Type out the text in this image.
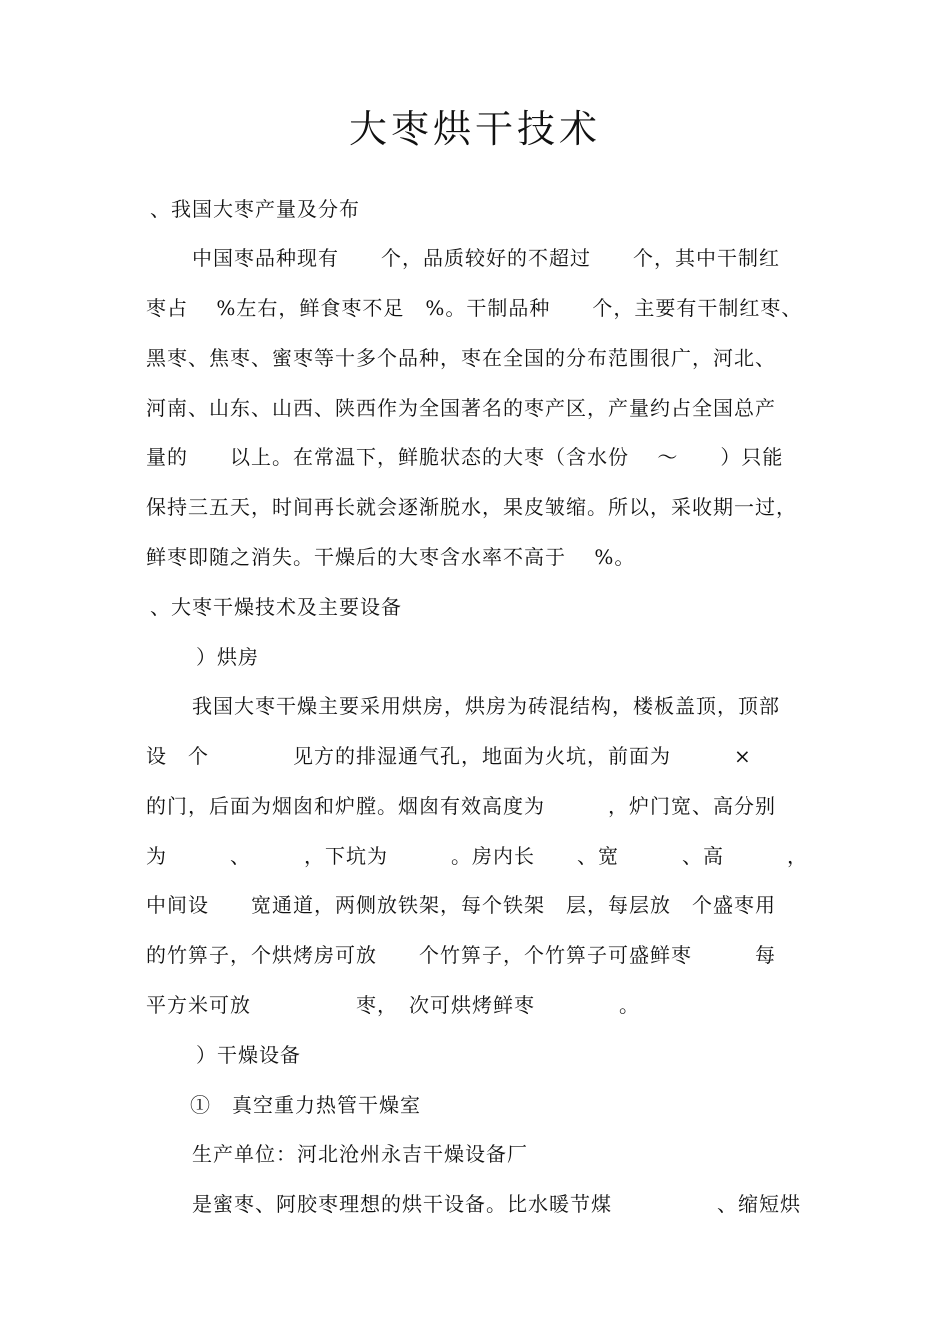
大枣烘干技术
、我国大枣产量及分布
中国枣品种现有　　个，品质较好的不超过　　个，其中干制红
枣占　 %左右，鲜食枣不足　%。干制品种　　个，主要有干制红枣、
黑枣、焦枣、蜜枣等十多个品种，枣在全国的分布范围很广，河北、
河南、山东、山西、陕西作为全国著名的枣产区，产量约占全国总产
量的　　以上。在常温下，鲜脆状态的大枣（含水份　 ～　　）只能
保持三五天，时间再长就会逐渐脱水，果皮皱缩。所以，采收期一过，
鲜枣即随之消失。干燥后的大枣含水率不高于　 %。
、大枣干燥技术及主要设备
）烘房
我国大枣干燥主要采用烘房，烘房为砖混结构，楼板盖顶，顶部
设　个　　　　见方的排湿通气孔，地面为火坑，前面为　　　×
的门，后面为烟囱和炉膛。烟囱有效高度为　　　，炉门宽、高分别
为　　　、　　　，下坑为　　　。房内长　　、宽　　　、高　　　，
中间设　　宽通道，两侧放铁架，每个铁架　层，每层放　个盛枣用
的竹箅子，个烘烤房可放　　个竹箅子，个竹箅子可盛鲜枣　　　每
平方米可放　　　　　枣，　次可烘烤鲜枣　　　　。
）干燥设备
①　真空重力热管干燥室
生产单位：河北沧州永吉干燥设备厂
是蜜枣、阿胶枣理想的烘干设备。比水暖节煤　　　　　、缩短烘
